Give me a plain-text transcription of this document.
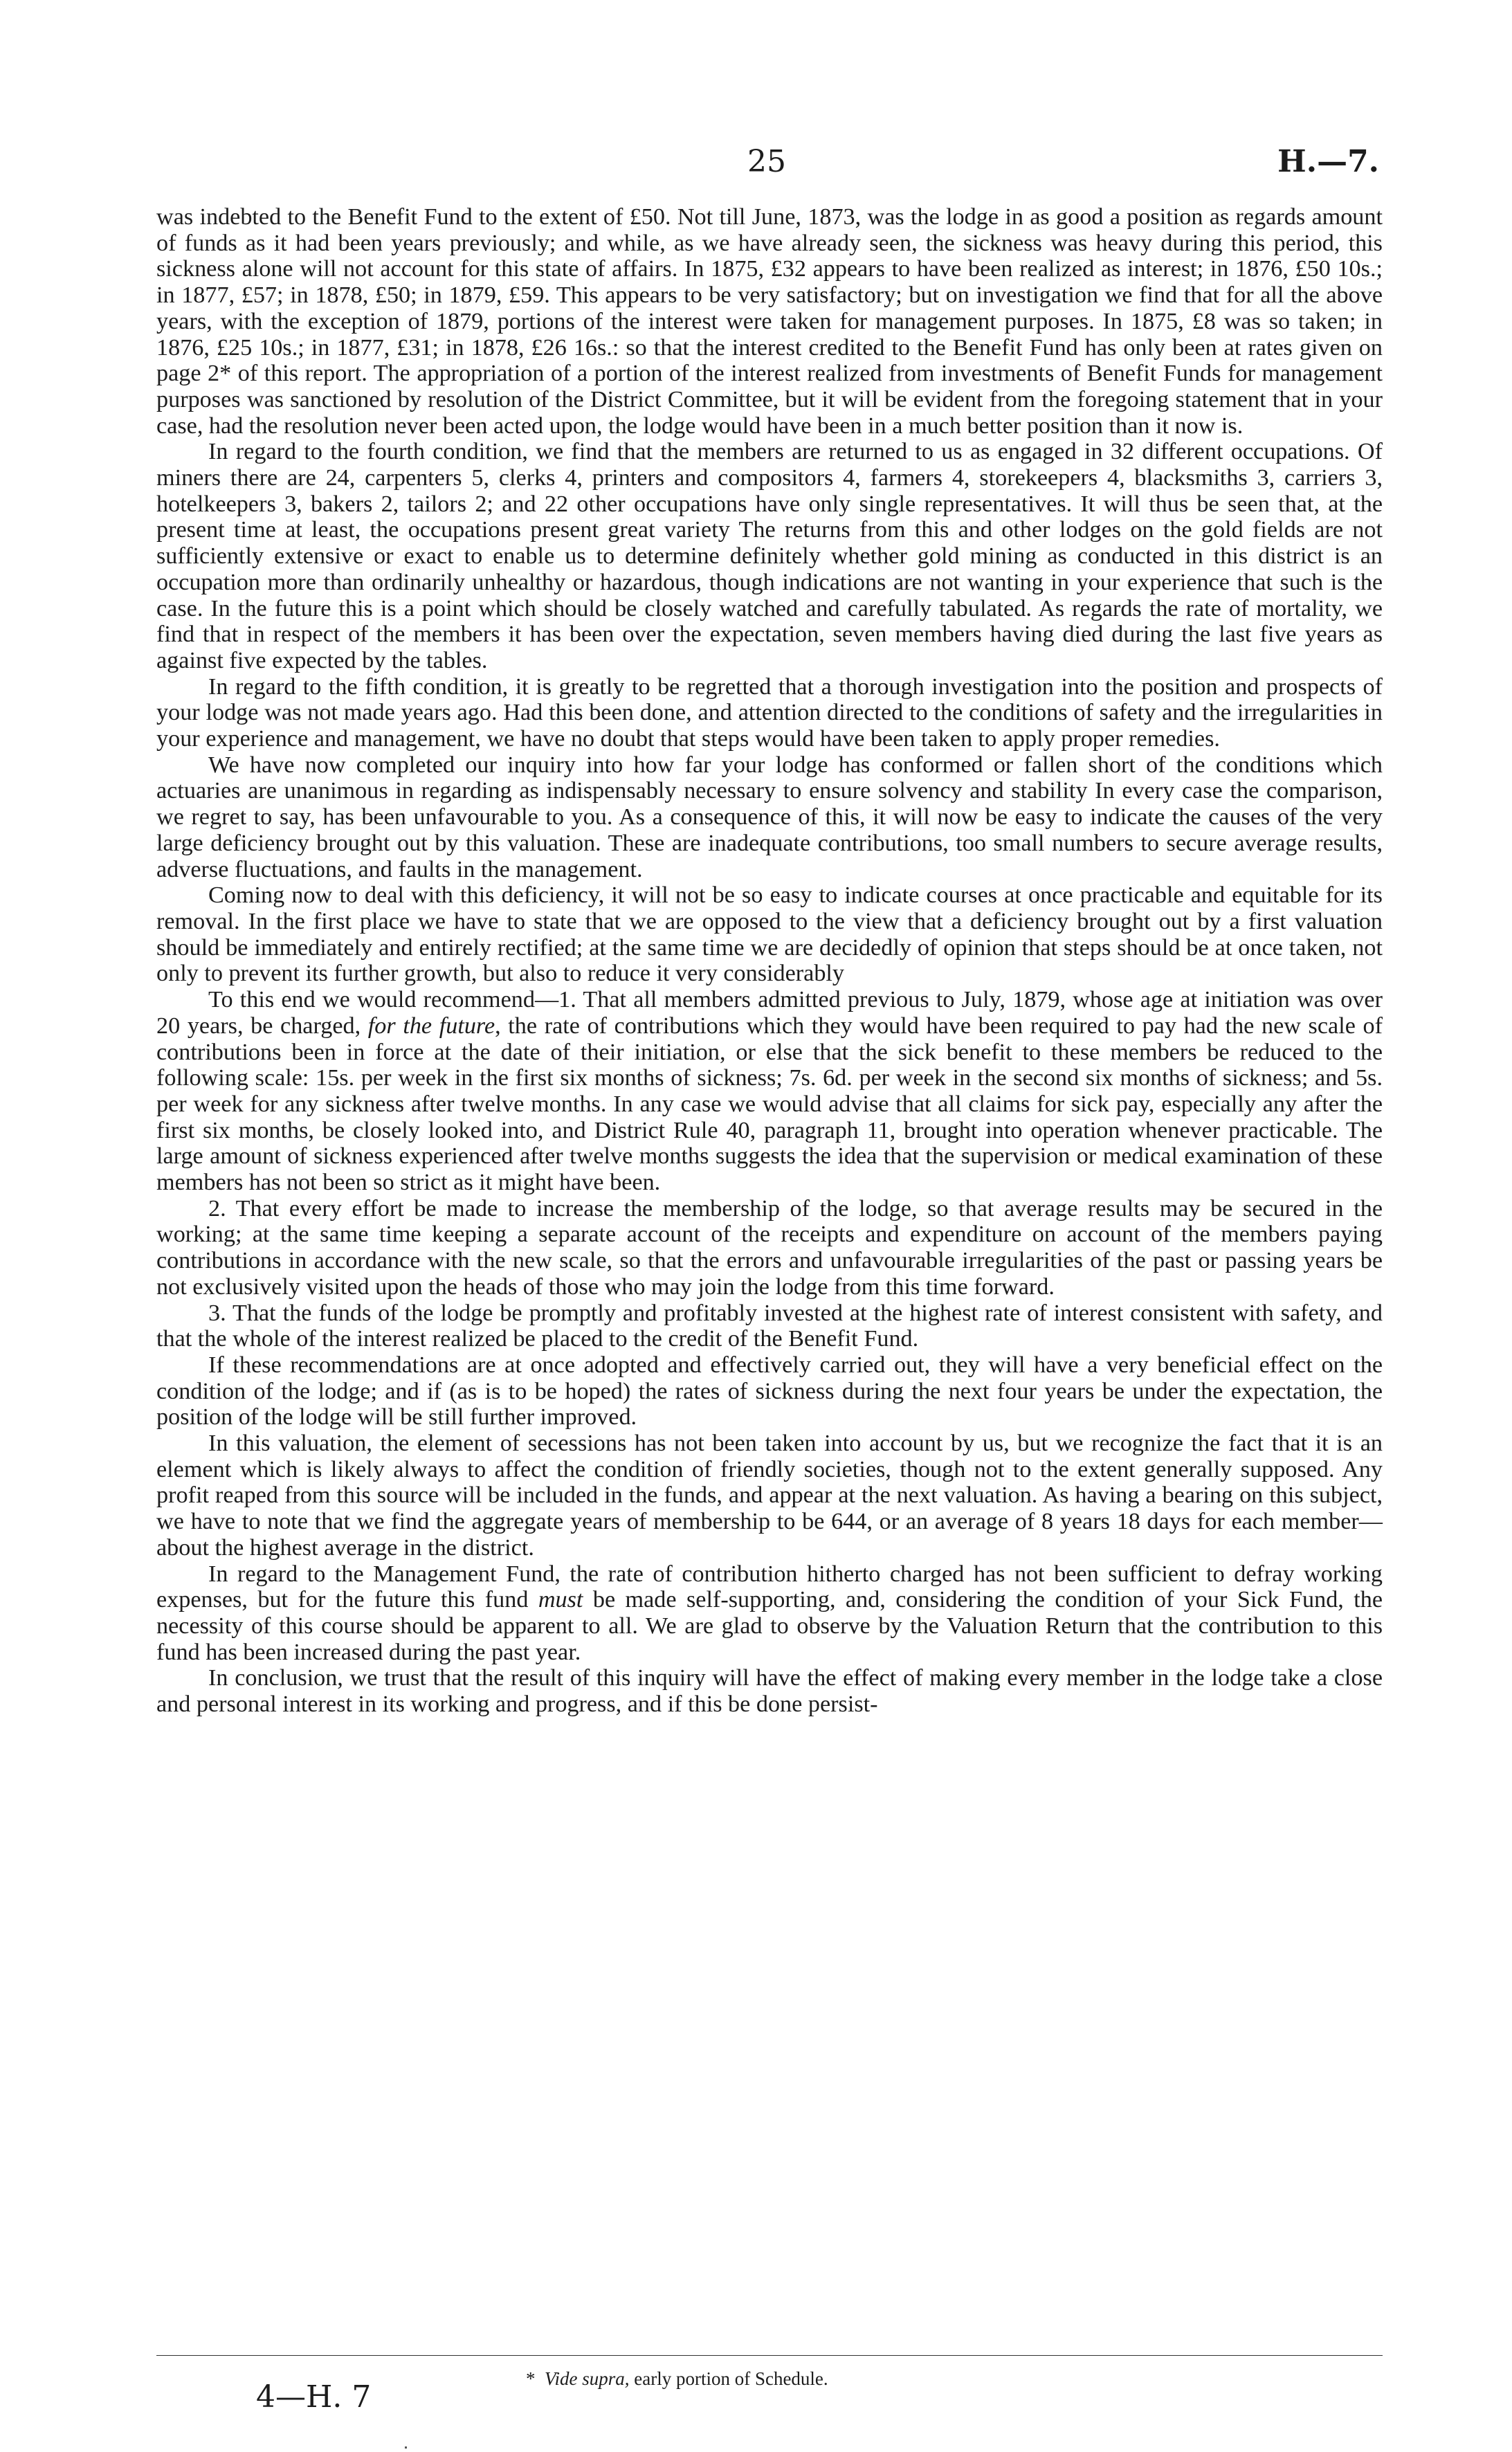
25	H.—7.

was indebted to the Benefit Fund to the extent of £50. Not till June, 1873, was the lodge in as good a position as regards amount of funds as it had been years previously; and while, as we have already seen, the sickness was heavy during this period, this sickness alone will not account for this state of affairs. In 1875, £32 appears to have been realized as interest; in 1876, £50 10s.; in 1877, £57; in 1878, £50; in 1879, £59. This appears to be very satisfactory; but on investigation we find that for all the above years, with the exception of 1879, portions of the interest were taken for management purposes. In 1875, £8 was so taken; in 1876, £25 10s.; in 1877, £31; in 1878, £26 16s.: so that the interest credited to the Benefit Fund has only been at rates given on page 2* of this report. The appropriation of a portion of the interest realized from investments of Benefit Funds for management purposes was sanctioned by resolution of the District Committee, but it will be evident from the foregoing statement that in your case, had the resolution never been acted upon, the lodge would have been in a much better position than it now is.

In regard to the fourth condition, we find that the members are returned to us as engaged in 32 different occupations. Of miners there are 24, carpenters 5, clerks 4, printers and compositors 4, farmers 4, storekeepers 4, blacksmiths 3, carriers 3, hotelkeepers 3, bakers 2, tailors 2; and 22 other occupations have only single representatives. It will thus be seen that, at the present time at least, the occupations present great variety The returns from this and other lodges on the gold fields are not sufficiently extensive or exact to enable us to determine definitely whether gold mining as conducted in this district is an occupation more than ordinarily unhealthy or hazardous, though indications are not wanting in your experience that such is the case. In the future this is a point which should be closely watched and carefully tabulated. As regards the rate of mortality, we find that in respect of the members it has been over the expectation, seven members having died during the last five years as against five expected by the tables.

In regard to the fifth condition, it is greatly to be regretted that a thorough investigation into the position and prospects of your lodge was not made years ago. Had this been done, and attention directed to the conditions of safety and the irregularities in your experience and management, we have no doubt that steps would have been taken to apply proper remedies.

We have now completed our inquiry into how far your lodge has conformed or fallen short of the conditions which actuaries are unanimous in regarding as indispensably necessary to ensure solvency and stability In every case the comparison, we regret to say, has been unfavourable to you. As a consequence of this, it will now be easy to indicate the causes of the very large deficiency brought out by this valuation. These are inadequate contributions, too small numbers to secure average results, adverse fluctuations, and faults in the management.

Coming now to deal with this deficiency, it will not be so easy to indicate courses at once practicable and equitable for its removal. In the first place we have to state that we are opposed to the view that a deficiency brought out by a first valuation should be immediately and entirely rectified; at the same time we are decidedly of opinion that steps should be at once taken, not only to prevent its further growth, but also to reduce it very considerably

To this end we would recommend—1. That all members admitted previous to July, 1879, whose age at initiation was over 20 years, be charged, for the future, the rate of contributions which they would have been required to pay had the new scale of contributions been in force at the date of their initiation, or else that the sick benefit to these members be reduced to the following scale: 15s. per week in the first six months of sickness; 7s. 6d. per week in the second six months of sickness; and 5s. per week for any sickness after twelve months. In any case we would advise that all claims for sick pay, especially any after the first six months, be closely looked into, and District Rule 40, paragraph 11, brought into operation whenever practicable. The large amount of sickness experienced after twelve months suggests the idea that the supervision or medical examination of these members has not been so strict as it might have been.

2. That every effort be made to increase the membership of the lodge, so that average results may be secured in the working; at the same time keeping a separate account of the receipts and expenditure on account of the members paying contributions in accordance with the new scale, so that the errors and unfavourable irregularities of the past or passing years be not exclusively visited upon the heads of those who may join the lodge from this time forward.

3. That the funds of the lodge be promptly and profitably invested at the highest rate of interest consistent with safety, and that the whole of the interest realized be placed to the credit of the Benefit Fund.

If these recommendations are at once adopted and effectively carried out, they will have a very beneficial effect on the condition of the lodge; and if (as is to be hoped) the rates of sickness during the next four years be under the expectation, the position of the lodge will be still further improved.

In this valuation, the element of secessions has not been taken into account by us, but we recognize the fact that it is an element which is likely always to affect the condition of friendly societies, though not to the extent generally supposed. Any profit reaped from this source will be included in the funds, and appear at the next valuation. As having a bearing on this subject, we have to note that we find the aggregate years of membership to be 644, or an average of 8 years 18 days for each member—about the highest average in the district.

In regard to the Management Fund, the rate of contribution hitherto charged has not been sufficient to defray working expenses, but for the future this fund must be made self-supporting, and, considering the condition of your Sick Fund, the necessity of this course should be apparent to all. We are glad to observe by the Valuation Return that the contribution to this fund has been increased during the past year.

In conclusion, we trust that the result of this inquiry will have the effect of making every member in the lodge take a close and personal interest in its working and progress, and if this be done persist-

* Vide supra, early portion of Schedule.
4—H. 7
